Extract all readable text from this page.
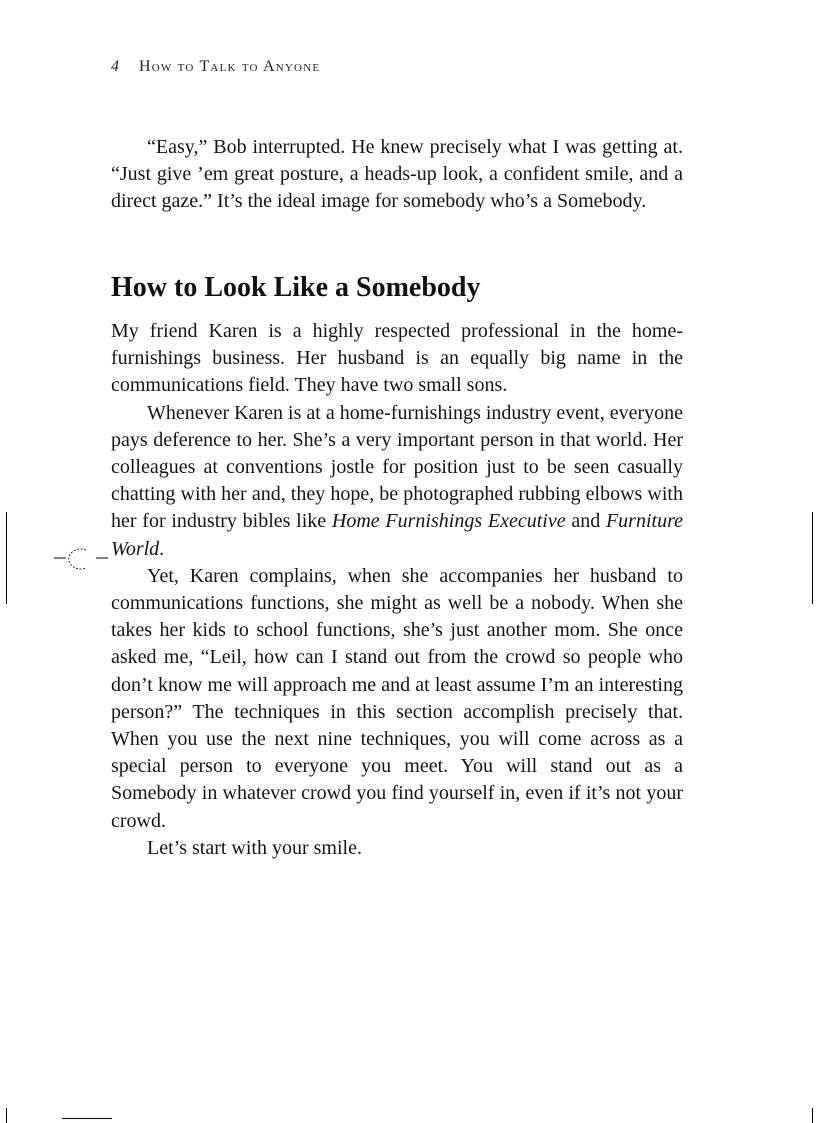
4 How to Talk to Anyone

“Easy,” Bob interrupted. He knew precisely what I was getting at. “Just give ’em great posture, a heads-up look, a confident smile, and a direct gaze.” It’s the ideal image for somebody who’s a Somebody.

How to Look Like a Somebody

My friend Karen is a highly respected professional in the home-furnishings business. Her husband is an equally big name in the communications field. They have two small sons.

Whenever Karen is at a home-furnishings industry event, everyone pays deference to her. She’s a very important person in that world. Her colleagues at conventions jostle for position just to be seen casually chatting with her and, they hope, be photographed rubbing elbows with her for industry bibles like Home Furnishings Executive and Furniture World.

Yet, Karen complains, when she accompanies her husband to communications functions, she might as well be a nobody. When she takes her kids to school functions, she’s just another mom. She once asked me, “Leil, how can I stand out from the crowd so people who don’t know me will approach me and at least assume I’m an interesting person?” The techniques in this section accomplish precisely that. When you use the next nine techniques, you will come across as a special person to everyone you meet. You will stand out as a Somebody in whatever crowd you find yourself in, even if it’s not your crowd.

Let’s start with your smile.
